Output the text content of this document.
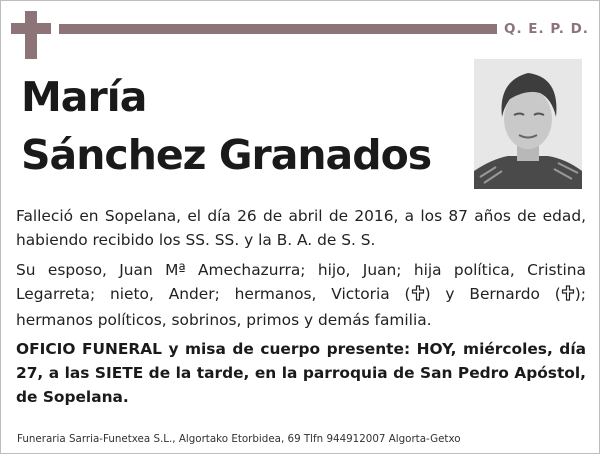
Q. E. P. D.
María
Sánchez Granados
Falleció en Sopelana, el día 26 de abril de 2016, a los 87 años de edad, habiendo recibido los SS. SS. y la B. A. de S. S.
Su esposo, Juan Mª Amechazurra; hijo, Juan; hija política, Cristina Legarreta; nieto, Ander; hermanos, Victoria ( ) y Bernardo ( ); hermanos políticos, sobrinos, primos y demás familia.
OFICIO FUNERAL y misa de cuerpo presente: HOY, miércoles, día 27, a las SIETE de la tarde, en la parroquia de San Pedro Apóstol, de Sopelana.
Funeraria Sarria-Funetxea S.L., Algortako Etorbidea, 69 Tlfn 944912007 Algorta-Getxo
